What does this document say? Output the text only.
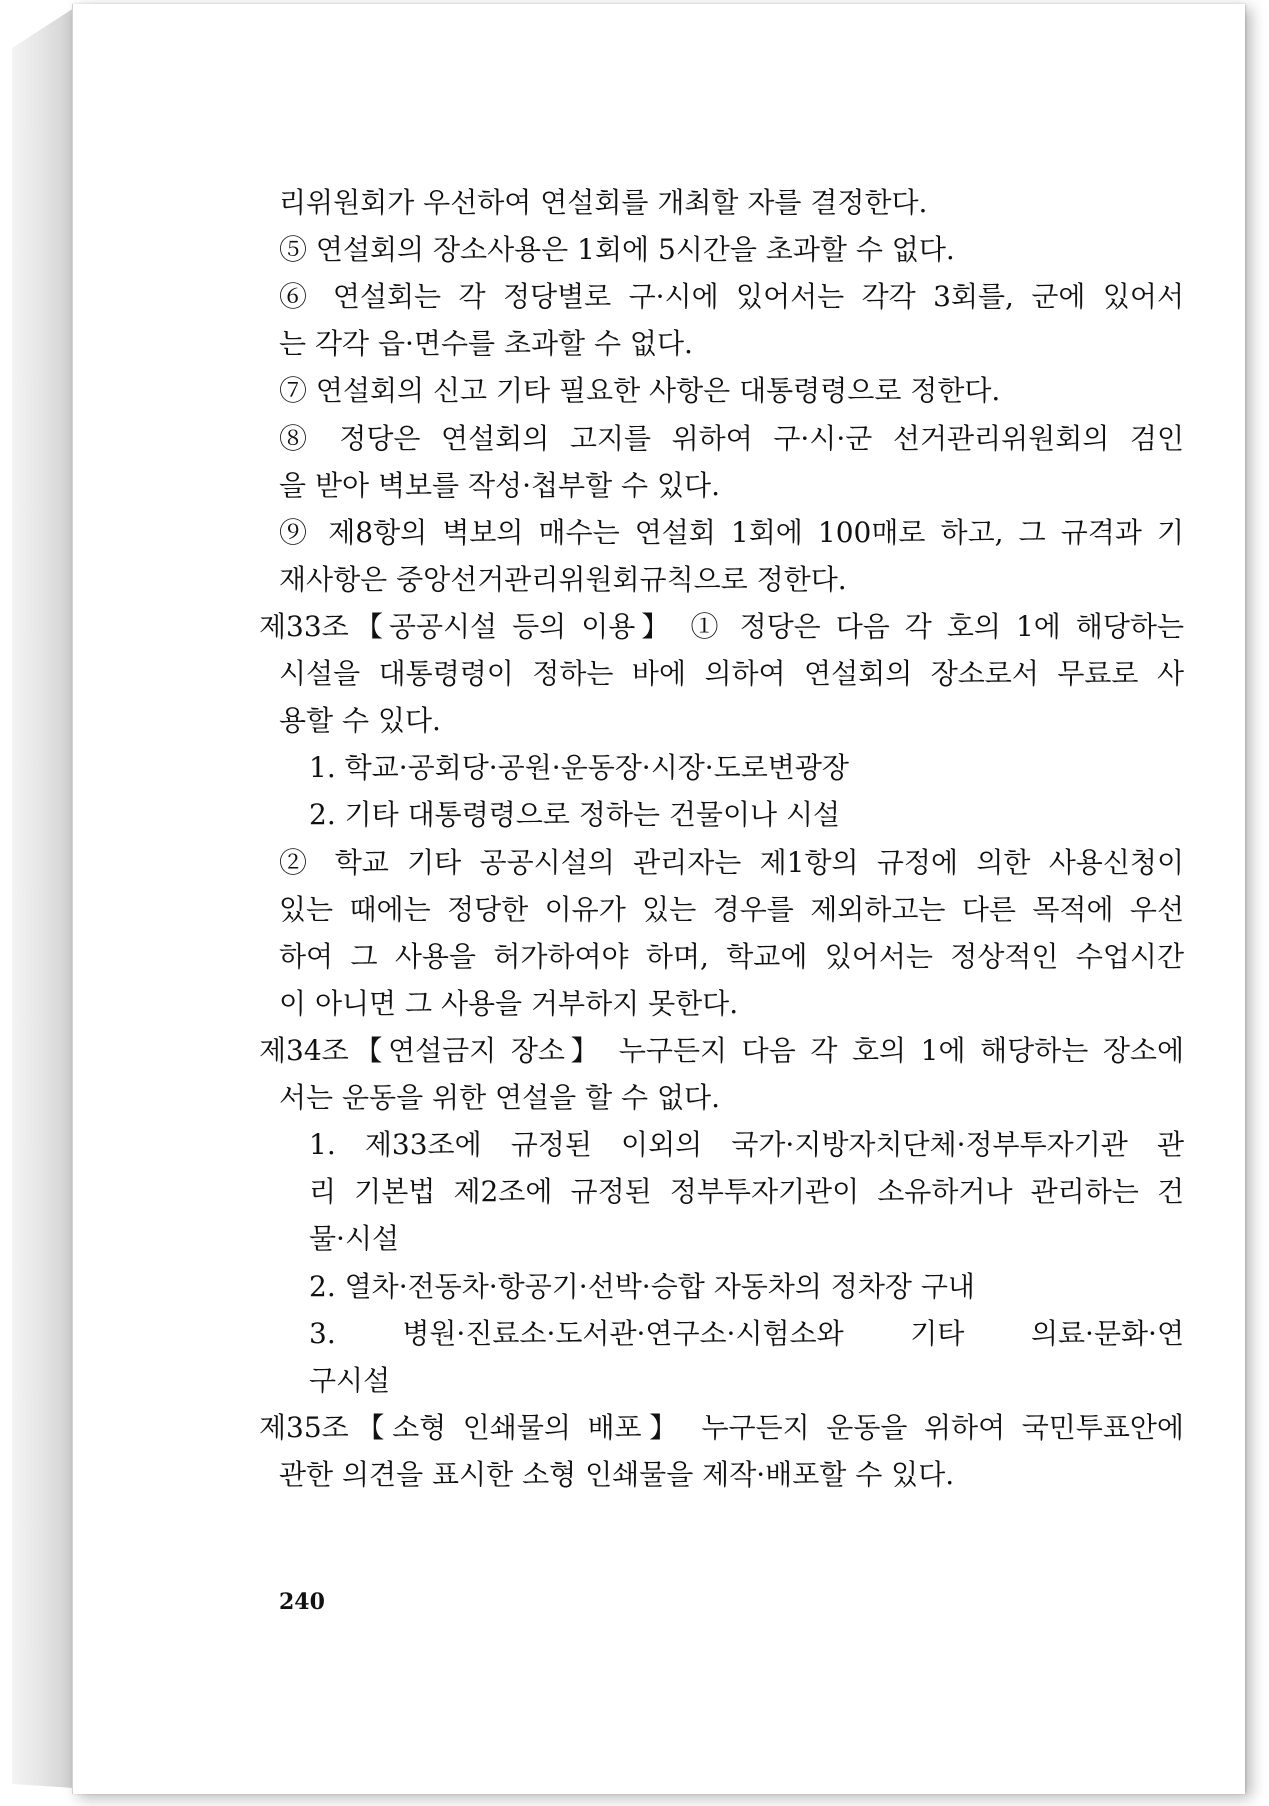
리위원회가 우선하여 연설회를 개최할 자를 결정한다.
⑤ 연설회의 장소사용은 1회에 5시간을 초과할 수 없다.
⑥ 연설회는 각 정당별로 구·시에 있어서는 각각 3회를, 군에 있어서
는 각각 읍·면수를 초과할 수 없다.
⑦ 연설회의 신고 기타 필요한 사항은 대통령령으로 정한다.
⑧ 정당은 연설회의 고지를 위하여 구·시·군 선거관리위원회의 검인
을 받아 벽보를 작성·첩부할 수 있다.
⑨ 제8항의 벽보의 매수는 연설회 1회에 100매로 하고, 그 규격과 기
재사항은 중앙선거관리위원회규칙으로 정한다.
제33조【공공시설 등의 이용】 ① 정당은 다음 각 호의 1에 해당하는
시설을 대통령령이 정하는 바에 의하여 연설회의 장소로서 무료로 사
용할 수 있다.
1. 학교·공회당·공원·운동장·시장·도로변광장
2. 기타 대통령령으로 정하는 건물이나 시설
② 학교 기타 공공시설의 관리자는 제1항의 규정에 의한 사용신청이
있는 때에는 정당한 이유가 있는 경우를 제외하고는 다른 목적에 우선
하여 그 사용을 허가하여야 하며, 학교에 있어서는 정상적인 수업시간
이 아니면 그 사용을 거부하지 못한다.
제34조【연설금지 장소】 누구든지 다음 각 호의 1에 해당하는 장소에
서는 운동을 위한 연설을 할 수 없다.
1. 제33조에 규정된 이외의 국가·지방자치단체·정부투자기관 관
리 기본법 제2조에 규정된 정부투자기관이 소유하거나 관리하는 건
물·시설
2. 열차·전동차·항공기·선박·승합 자동차의 정차장 구내
3. 병원·진료소·도서관·연구소·시험소와 기타 의료·문화·연
구시설
제35조【소형 인쇄물의 배포】 누구든지 운동을 위하여 국민투표안에
관한 의견을 표시한 소형 인쇄물을 제작·배포할 수 있다.
240
